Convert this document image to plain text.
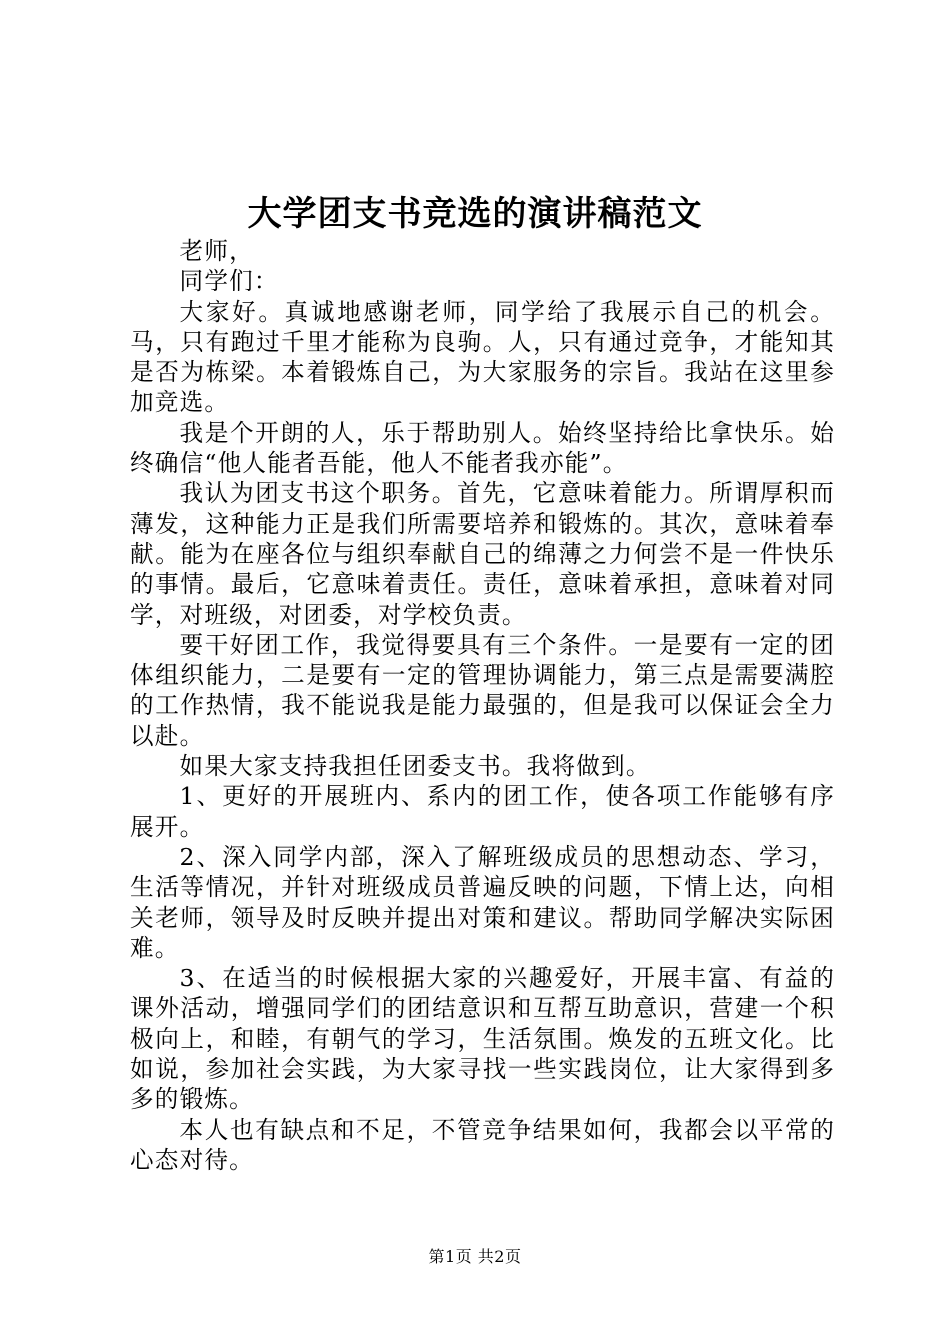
大学团支书竞选的演讲稿范文

老师，

同学们：

大家好。真诚地感谢老师，同学给了我展示自己的机会。马，只有跑过千里才能称为良驹。人，只有通过竞争，才能知其是否为栋梁。本着锻炼自己，为大家服务的宗旨。我站在这里参加竞选。

我是个开朗的人，乐于帮助别人。始终坚持给比拿快乐。始终确信“他人能者吾能，他人不能者我亦能”。

我认为团支书这个职务。首先，它意味着能力。所谓厚积而薄发，这种能力正是我们所需要培养和锻炼的。其次，意味着奉献。能为在座各位与组织奉献自己的绵薄之力何尝不是一件快乐的事情。最后，它意味着责任。责任，意味着承担，意味着对同学，对班级，对团委，对学校负责。

要干好团工作，我觉得要具有三个条件。一是要有一定的团体组织能力，二是要有一定的管理协调能力，第三点是需要满腔的工作热情，我不能说我是能力最强的，但是我可以保证会全力以赴。

如果大家支持我担任团委支书。我将做到。

1、更好的开展班内、系内的团工作，使各项工作能够有序展开。

2、深入同学内部，深入了解班级成员的思想动态、学习，生活等情况，并针对班级成员普遍反映的问题，下情上达，向相关老师，领导及时反映并提出对策和建议。帮助同学解决实际困难。

3、在适当的时候根据大家的兴趣爱好，开展丰富、有益的课外活动，增强同学们的团结意识和互帮互助意识，营建一个积极向上，和睦，有朝气的学习，生活氛围。焕发的五班文化。比如说，参加社会实践，为大家寻找一些实践岗位，让大家得到多多的锻炼。

本人也有缺点和不足，不管竞争结果如何，我都会以平常的心态对待。

第1页 共2页
